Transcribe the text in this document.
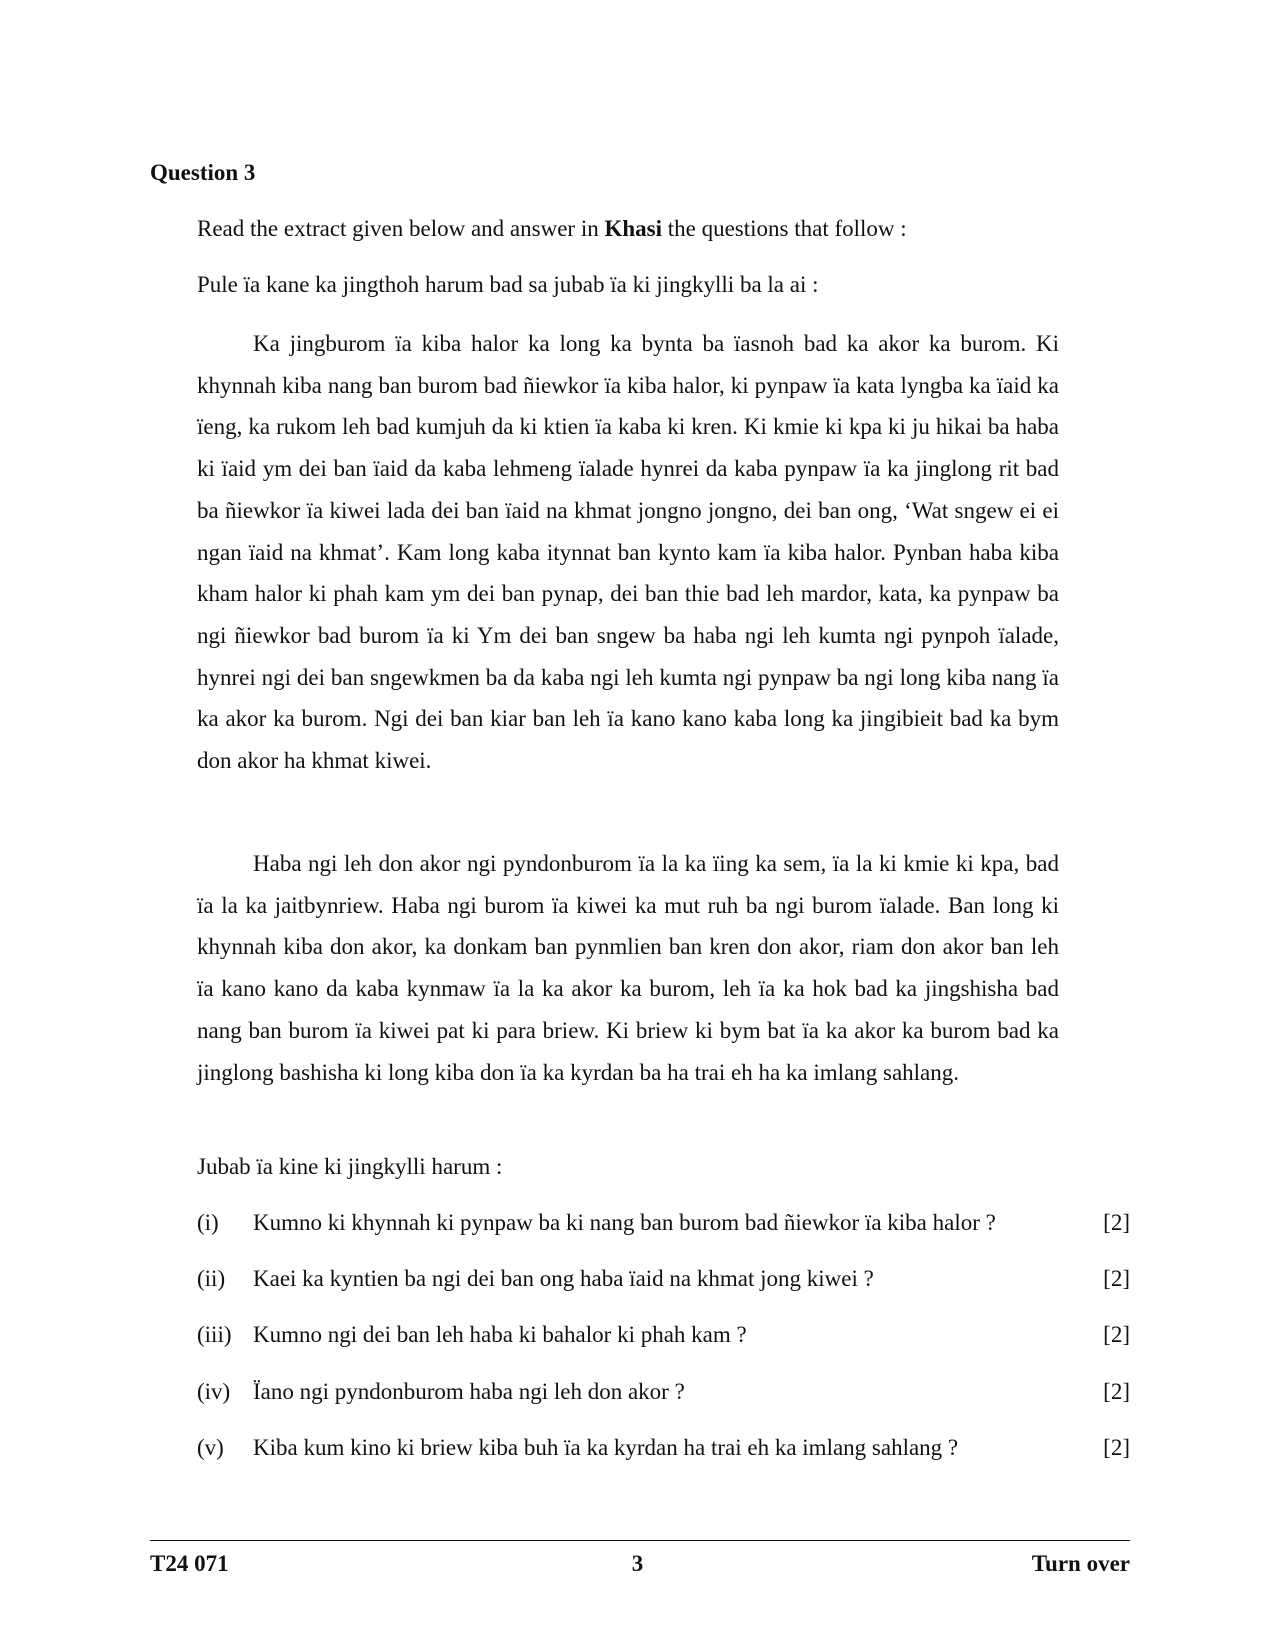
Question 3
Read the extract given below and answer in Khasi the questions that follow :
Pule ïa kane ka jingthoh harum bad sa jubab ïa ki jingkylli ba la ai :

Ka jingburom ïa kiba halor ka long ka bynta ba ïasnoh bad ka akor ka burom. Ki khynnah kiba nang ban burom bad ñiewkor ïa kiba halor, ki pynpaw ïa kata lyngba ka ïaid ka ïeng, ka rukom leh bad kumjuh da ki ktien ïa kaba ki kren. Ki kmie ki kpa ki ju hikai ba haba ki ïaid ym dei ban ïaid da kaba lehmeng ïalade hynrei da kaba pynpaw ïa ka jinglong rit bad ba ñiewkor ïa kiwei lada dei ban ïaid na khmat jongno jongno, dei ban ong, ‘Wat sngew ei ei ngan ïaid na khmat’. Kam long kaba itynnat ban kynto kam ïa kiba halor. Pynban haba kiba kham halor ki phah kam ym dei ban pynap, dei ban thie bad leh mardor, kata, ka pynpaw ba ngi ñiewkor bad burom ïa ki Ym dei ban sngew ba haba ngi leh kumta ngi pynpoh ïalade, hynrei ngi dei ban sngewkmen ba da kaba ngi leh kumta ngi pynpaw ba ngi long kiba nang ïa ka akor ka burom. Ngi dei ban kiar ban leh ïa kano kano kaba long ka jingibieit bad ka bym don akor ha khmat kiwei.

Haba ngi leh don akor ngi pyndonburom ïa la ka ïing ka sem, ïa la ki kmie ki kpa, bad ïa la ka jaitbynriew. Haba ngi burom ïa kiwei ka mut ruh ba ngi burom ïalade. Ban long ki khynnah kiba don akor, ka donkam ban pynmlien ban kren don akor, riam don akor ban leh ïa kano kano da kaba kynmaw ïa la ka akor ka burom, leh ïa ka hok bad ka jingshisha bad nang ban burom ïa kiwei pat ki para briew. Ki briew ki bym bat ïa ka akor ka burom bad ka jinglong bashisha ki long kiba don ïa ka kyrdan ba ha trai eh ha ka imlang sahlang.

Jubab ïa kine ki jingkylli harum :
(i) Kumno ki khynnah ki pynpaw ba ki nang ban burom bad ñiewkor ïa kiba halor ?	[2]
(ii) Kaei ka kyntien ba ngi dei ban ong haba ïaid na khmat jong kiwei ?	[2]
(iii) Kumno ngi dei ban leh haba ki bahalor ki phah kam ?	[2]
(iv) Ïano ngi pyndonburom haba ngi leh don akor ?	[2]
(v) Kiba kum kino ki briew kiba buh ïa ka kyrdan ha trai eh ka imlang sahlang ?	[2]
T24 071	3	Turn over
